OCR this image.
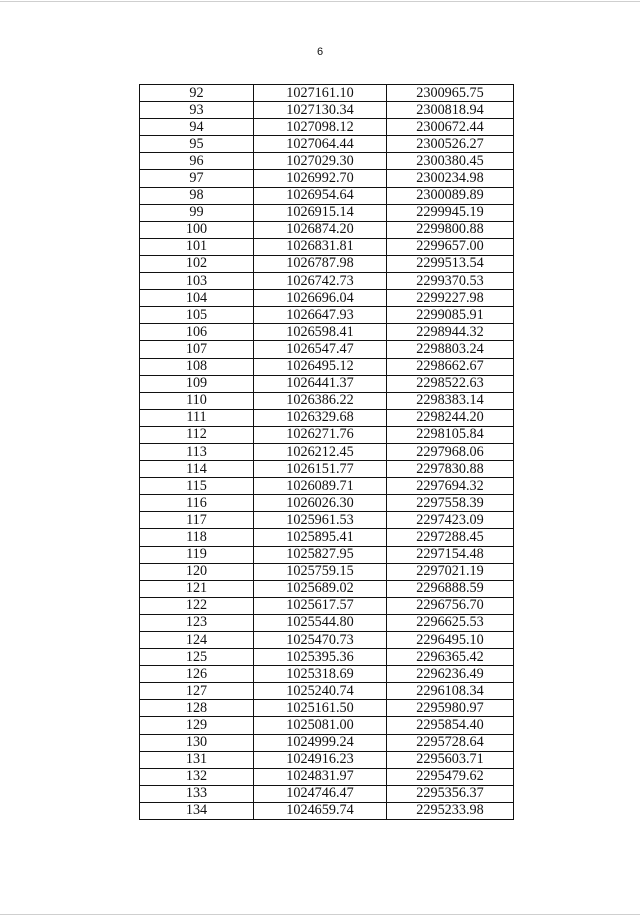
6
92	1027161.10	2300965.75
93	1027130.34	2300818.94
94	1027098.12	2300672.44
95	1027064.44	2300526.27
96	1027029.30	2300380.45
97	1026992.70	2300234.98
98	1026954.64	2300089.89
99	1026915.14	2299945.19
100	1026874.20	2299800.88
101	1026831.81	2299657.00
102	1026787.98	2299513.54
103	1026742.73	2299370.53
104	1026696.04	2299227.98
105	1026647.93	2299085.91
106	1026598.41	2298944.32
107	1026547.47	2298803.24
108	1026495.12	2298662.67
109	1026441.37	2298522.63
110	1026386.22	2298383.14
111	1026329.68	2298244.20
112	1026271.76	2298105.84
113	1026212.45	2297968.06
114	1026151.77	2297830.88
115	1026089.71	2297694.32
116	1026026.30	2297558.39
117	1025961.53	2297423.09
118	1025895.41	2297288.45
119	1025827.95	2297154.48
120	1025759.15	2297021.19
121	1025689.02	2296888.59
122	1025617.57	2296756.70
123	1025544.80	2296625.53
124	1025470.73	2296495.10
125	1025395.36	2296365.42
126	1025318.69	2296236.49
127	1025240.74	2296108.34
128	1025161.50	2295980.97
129	1025081.00	2295854.40
130	1024999.24	2295728.64
131	1024916.23	2295603.71
132	1024831.97	2295479.62
133	1024746.47	2295356.37
134	1024659.74	2295233.98
